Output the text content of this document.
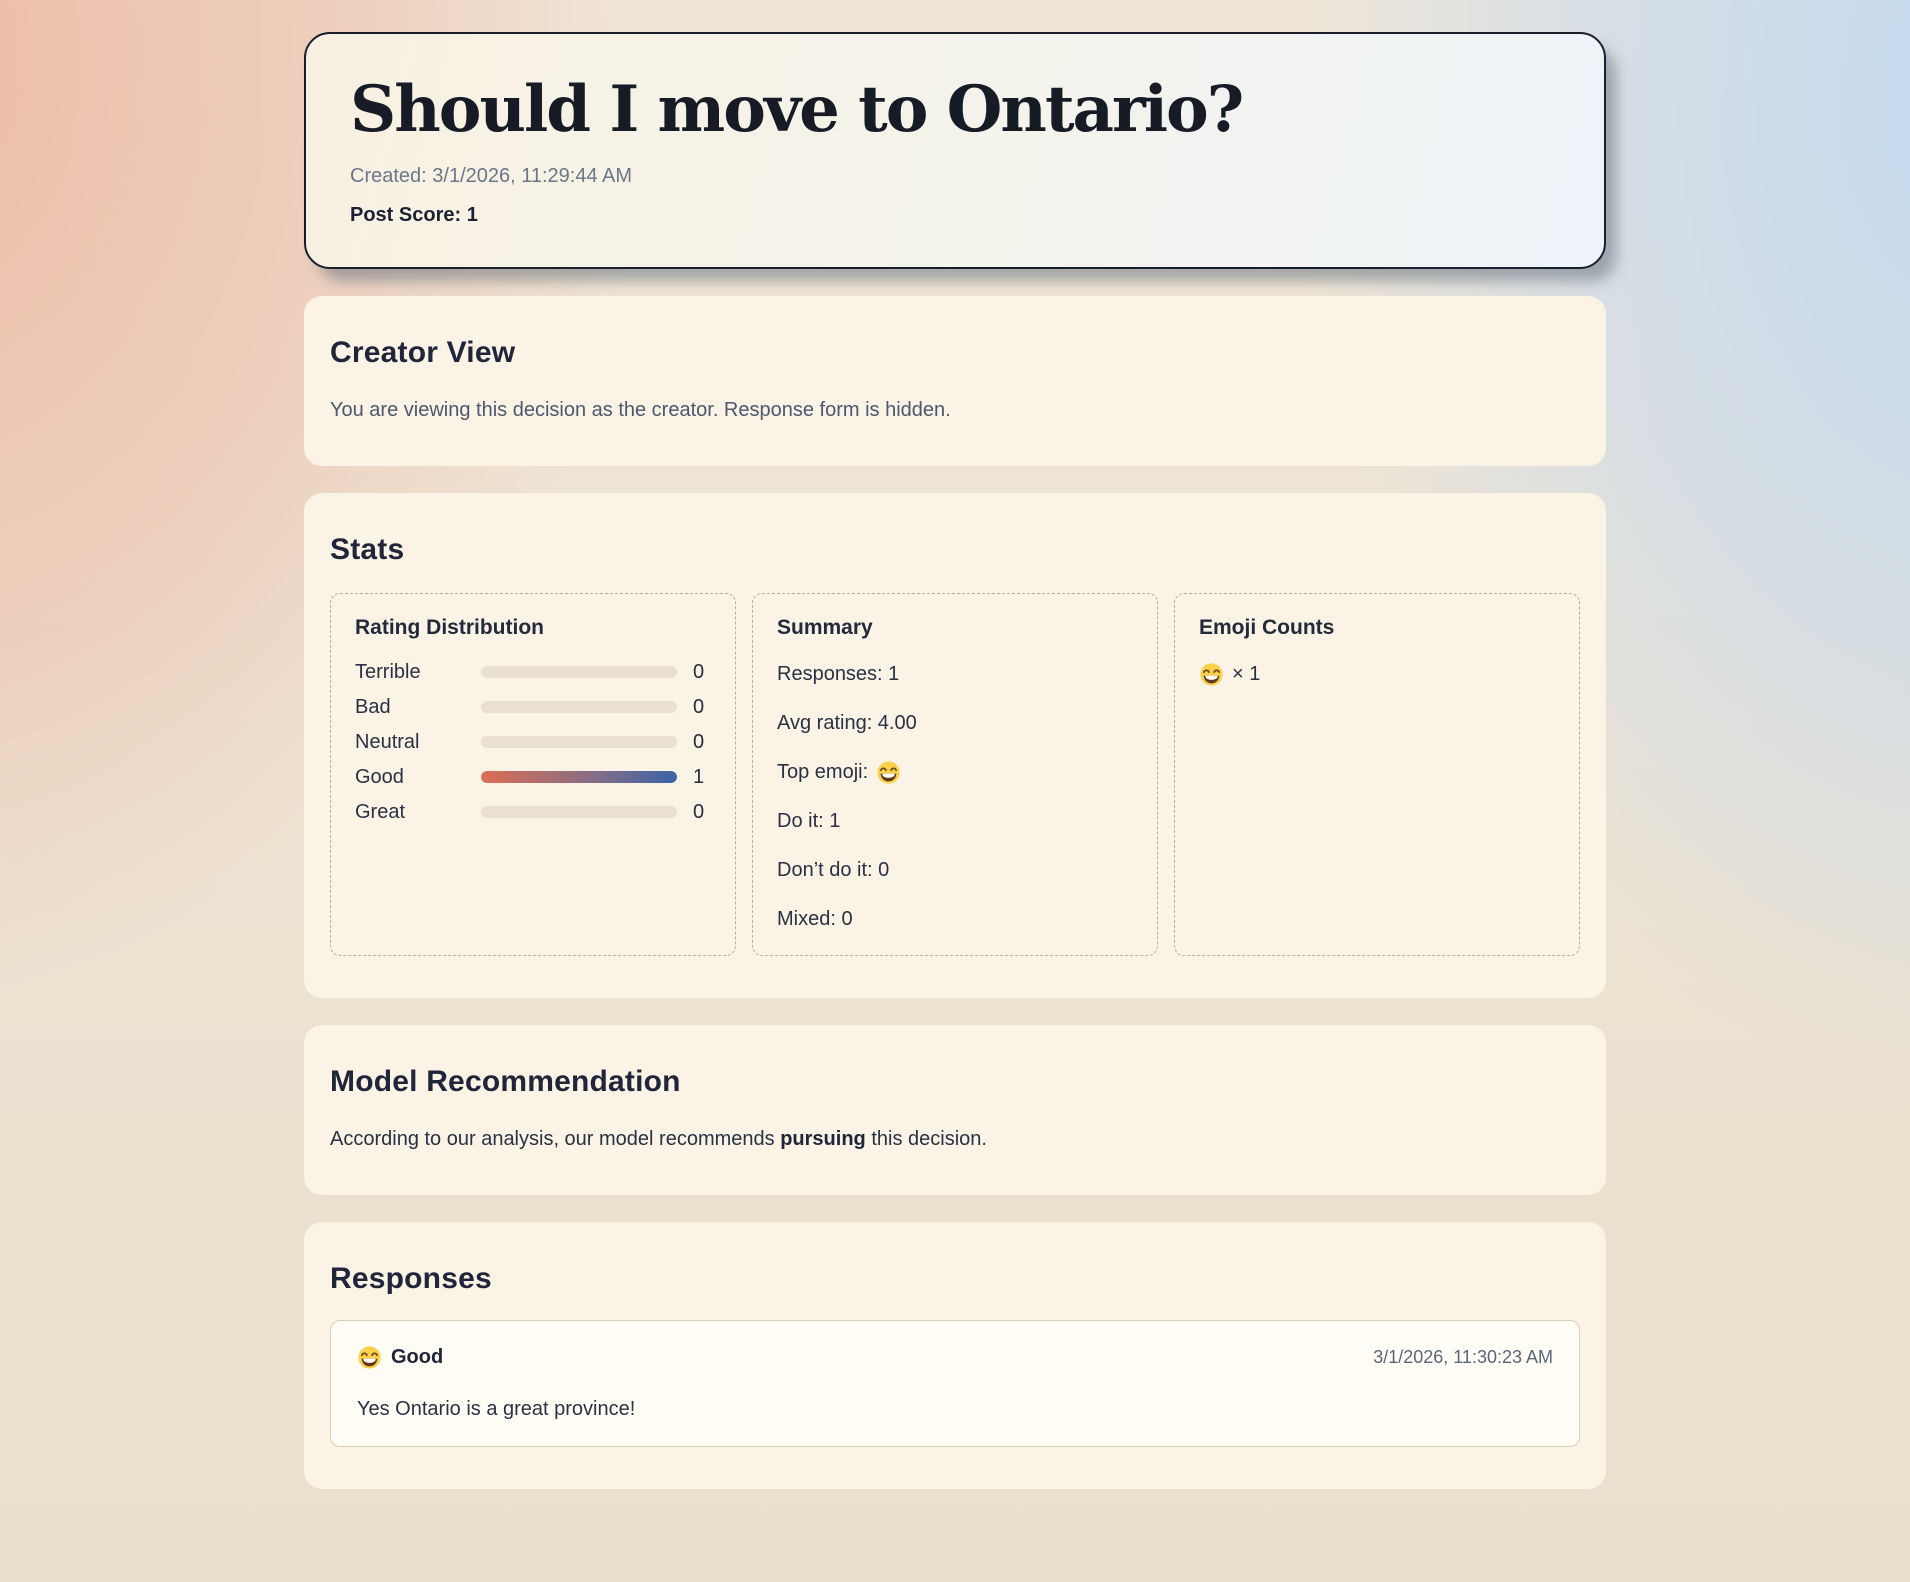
Should I move to Ontario?

Created: 3/1/2026, 11:29:44 AM

Post Score: 1

Creator View

You are viewing this decision as the creator. Response form is hidden.

Stats
Rating Distribution
Terrible	0
Bad	0
Neutral	0
Good	1
Great	0
Summary

Responses: 1

Avg rating: 4.00

Top emoji:

Do it: 1

Don’t do it: 0

Mixed: 0

Emoji Counts

× 1

Model Recommendation

According to our analysis, our model recommends pursuing this decision.

Responses
Good	3/1/2026, 11:30:23 AM

Yes Ontario is a great province!
